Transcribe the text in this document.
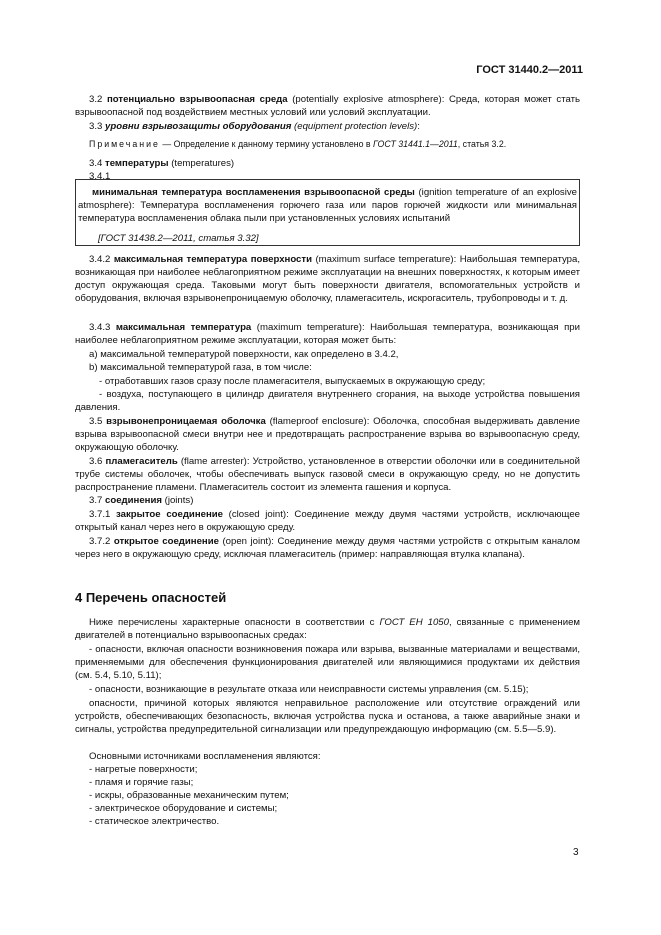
ГОСТ 31440.2—2011
3.2 потенциально взрывоопасная среда (potentially explosive atmosphere): Среда, которая может стать взрывоопасной под воздействием местных условий или условий эксплуатации.
3.3 уровни взрывозащиты оборудования (equipment protection levels):
Примечание — Определение к данному термину установлено в ГОСТ 31441.1—2011, статья 3.2.
3.4 температуры (temperatures)
3.4.1
минимальная температура воспламенения взрывоопасной среды (ignition temperature of an explosive atmosphere): Температура воспламенения горючего газа или паров горючей жидкости или минимальная температура воспламенения облака пыли при установленных условиях испытаний
[ГОСТ 31438.2—2011, статья 3.32]
3.4.2 максимальная температура поверхности (maximum surface temperature): Наибольшая температура, возникающая при наиболее неблагоприятном режиме эксплуатации на внешних поверхностях, к которым имеет доступ окружающая среда. Таковыми могут быть поверхности двигателя, вспомогательных устройств и оборудования, включая взрывонепроницаемую оболочку, пламегаситель, искрогаситель, трубопроводы и т. д.
3.4.3 максимальная температура (maximum temperature): Наибольшая температура, возникающая при наиболее неблагоприятном режиме эксплуатации, которая может быть:
a) максимальной температурой поверхности, как определено в 3.4.2,
b) максимальной температурой газа, в том числе:
- отработавших газов сразу после пламегасителя, выпускаемых в окружающую среду;
- воздуха, поступающего в цилиндр двигателя внутреннего сгорания, на выходе устройства повышения давления.
3.5 взрывонепроницаемая оболочка (flameproof enclosure): Оболочка, способная выдерживать давление взрыва взрывоопасной смеси внутри нее и предотвращать распространение взрыва во взрывоопасную среду, окружающую оболочку.
3.6 пламегаситель (flame arrester): Устройство, установленное в отверстии оболочки или в соединительной трубе системы оболочек, чтобы обеспечивать выпуск газовой смеси в окружающую среду, но не допустить распространение пламени. Пламегаситель состоит из элемента гашения и корпуса.
3.7 соединения (joints)
3.7.1 закрытое соединение (closed joint): Соединение между двумя частями устройств, исключающее открытый канал через него в окружающую среду.
3.7.2 открытое соединение (open joint): Соединение между двумя частями устройств с открытым каналом через него в окружающую среду, исключая пламегаситель (пример: направляющая втулка клапана).
4 Перечень опасностей
Ниже перечислены характерные опасности в соответствии с ГОСТ ЕН 1050, связанные с применением двигателей в потенциально взрывоопасных средах:
- опасности, включая опасности возникновения пожара или взрыва, вызванные материалами и веществами, применяемыми для обеспечения функционирования двигателей или являющимися продуктами их действия (см. 5.4, 5.10, 5.11);
- опасности, возникающие в результате отказа или неисправности системы управления (см. 5.15);
опасности, причиной которых являются неправильное расположение или отсутствие ограждений или устройств, обеспечивающих безопасность, включая устройства пуска и останова, а также аварийные знаки и сигналы, устройства предупредительной сигнализации или предупреждающую информацию (см. 5.5—5.9).
Основными источниками воспламенения являются:
- нагретые поверхности;
- пламя и горячие газы;
- искры, образованные механическим путем;
- электрическое оборудование и системы;
- статическое электричество.
3
